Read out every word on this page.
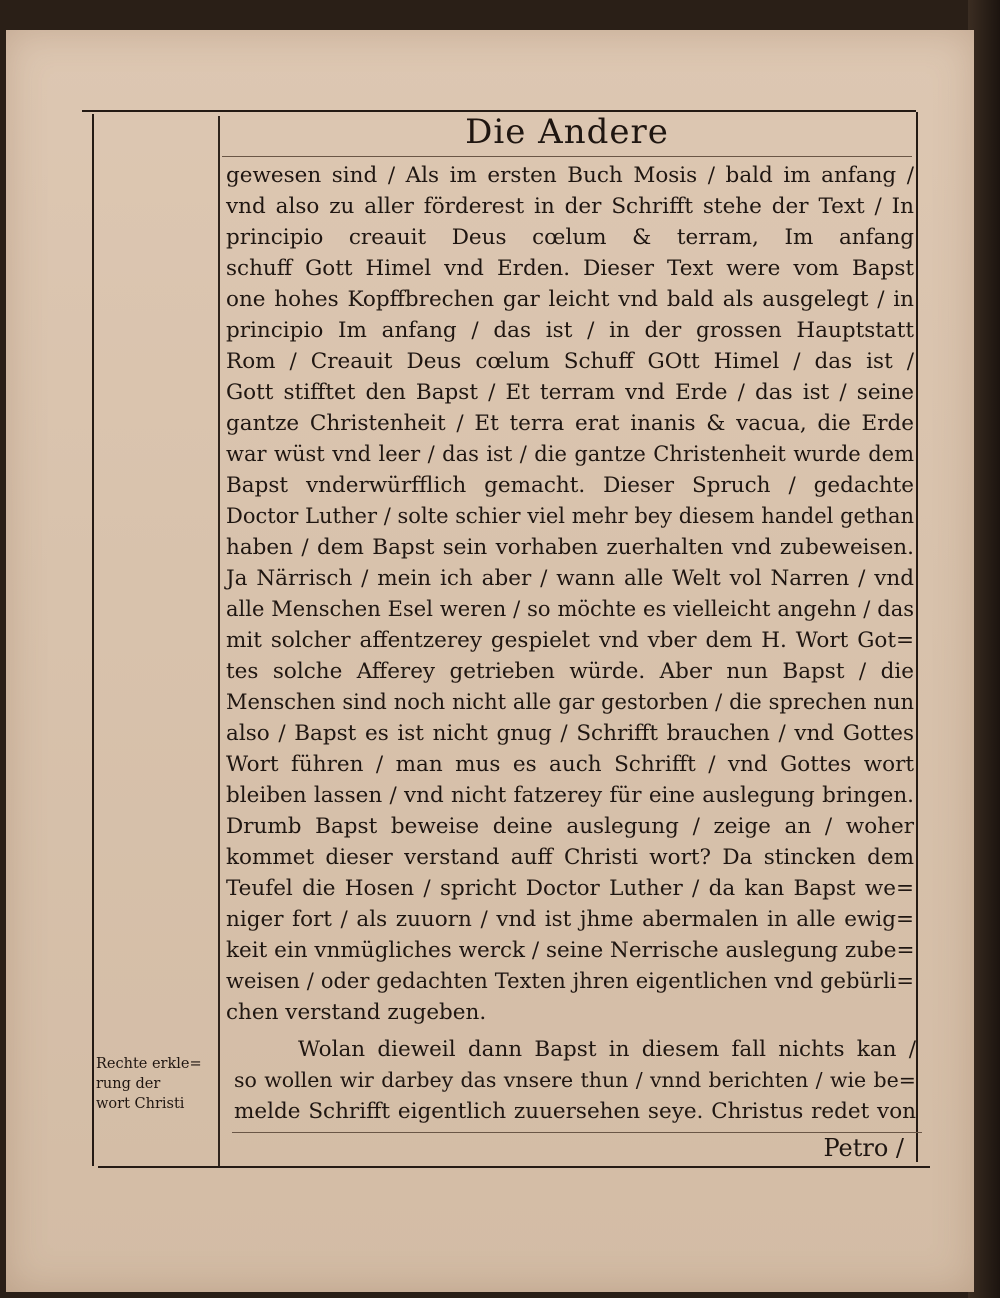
Die Andere
gewesen sind / Als im ersten Buch Mosis / bald im anfang /
vnd also zu aller förderest in der Schrifft stehe der Text / In
principio creauit Deus cœlum & terram, Im anfang
schuff Gott Himel vnd Erden. Dieser Text were vom Bapst
one hohes Kopffbrechen gar leicht vnd bald als ausgelegt / in
principio Im anfang / das ist / in der grossen Hauptstatt
Rom / Creauit Deus cœlum Schuff GOtt Himel / das ist /
Gott stifftet den Bapst / Et terram vnd Erde / das ist / seine
gantze Christenheit / Et terra erat inanis & vacua, die Erde
war wüst vnd leer / das ist / die gantze Christenheit wurde dem
Bapst vnderwürfflich gemacht. Dieser Spruch / gedachte
Doctor Luther / solte schier viel mehr bey diesem handel gethan
haben / dem Bapst sein vorhaben zuerhalten vnd zubeweisen.
Ja Närrisch / mein ich aber / wann alle Welt vol Narren / vnd
alle Menschen Esel weren / so möchte es vielleicht angehn / das
mit solcher affentzerey gespielet vnd vber dem H. Wort Got=
tes solche Afferey getrieben würde. Aber nun Bapst / die
Menschen sind noch nicht alle gar gestorben / die sprechen nun
also / Bapst es ist nicht gnug / Schrifft brauchen / vnd Gottes
Wort führen / man mus es auch Schrifft / vnd Gottes wort
bleiben lassen / vnd nicht fatzerey für eine auslegung bringen.
Drumb Bapst beweise deine auslegung / zeige an / woher
kommet dieser verstand auff Christi wort? Da stincken dem
Teufel die Hosen / spricht Doctor Luther / da kan Bapst we=
niger fort / als zuuorn / vnd ist jhme abermalen in alle ewig=
keit ein vnmügliches werck / seine Nerrische auslegung zube=
weisen / oder gedachten Texten jhren eigentlichen vnd gebürli=
chen verstand zugeben.
Wolan dieweil dann Bapst in diesem fall nichts kan /
so wollen wir darbey das vnsere thun / vnnd berichten / wie be=
melde Schrifft eigentlich zuuersehen seye. Christus redet von
Rechte erkle=
rung der
wort Christi
Petro /
